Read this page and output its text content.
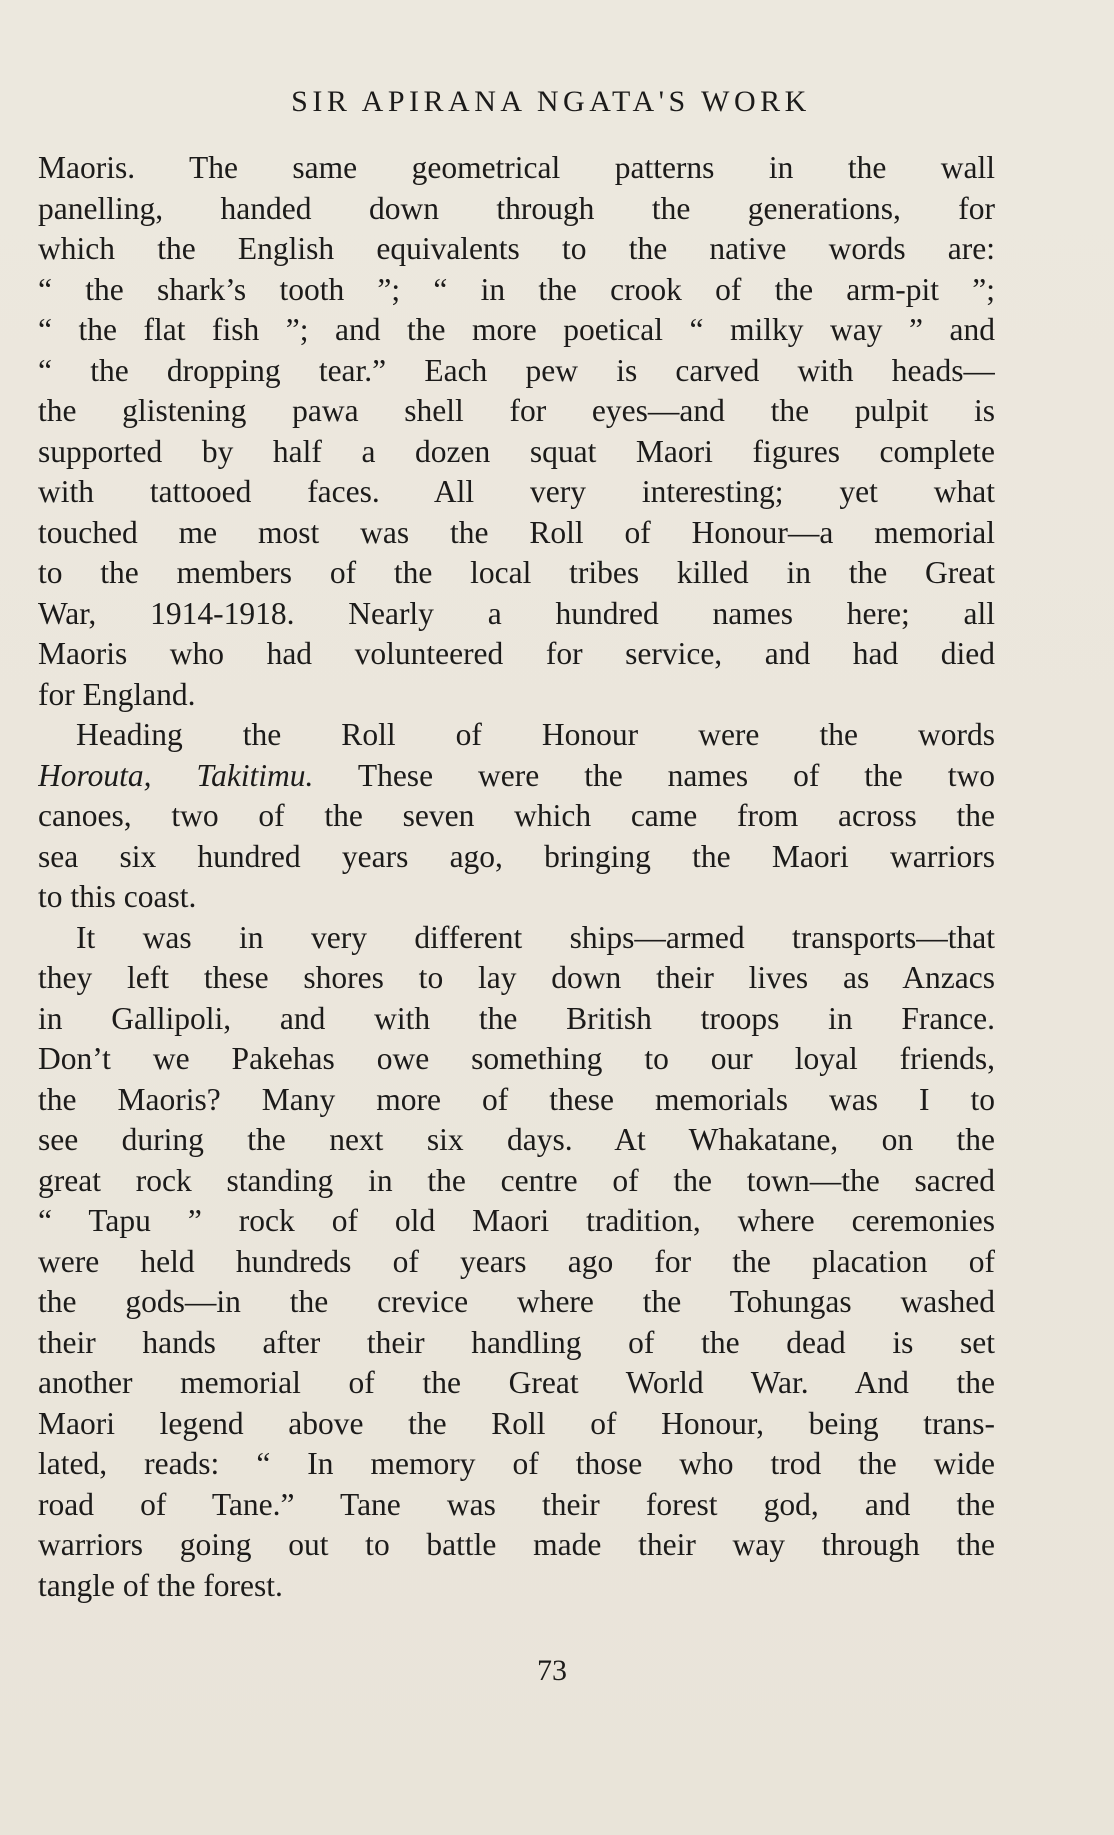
SIR APIRANA NGATA'S WORK
Maoris. The same geometrical patterns in the wall
panelling, handed down through the generations, for
which the English equivalents to the native words are:
“ the shark’s tooth ”; “ in the crook of the arm-pit ”;
“ the flat fish ”; and the more poetical “ milky way ” and
“ the dropping tear.” Each pew is carved with heads—
the glistening pawa shell for eyes—and the pulpit is
supported by half a dozen squat Maori figures complete
with tattooed faces. All very interesting; yet what
touched me most was the Roll of Honour—a memorial
to the members of the local tribes killed in the Great
War, 1914-1918. Nearly a hundred names here; all
Maoris who had volunteered for service, and had died
for England.
Heading the Roll of Honour were the words
Horouta, Takitimu. These were the names of the two
canoes, two of the seven which came from across the
sea six hundred years ago, bringing the Maori warriors
to this coast.
It was in very different ships—armed transports—that
they left these shores to lay down their lives as Anzacs
in Gallipoli, and with the British troops in France.
Don’t we Pakehas owe something to our loyal friends,
the Maoris? Many more of these memorials was I to
see during the next six days. At Whakatane, on the
great rock standing in the centre of the town—the sacred
“ Tapu ” rock of old Maori tradition, where ceremonies
were held hundreds of years ago for the placation of
the gods—in the crevice where the Tohungas washed
their hands after their handling of the dead is set
another memorial of the Great World War. And the
Maori legend above the Roll of Honour, being trans-
lated, reads: “ In memory of those who trod the wide
road of Tane.” Tane was their forest god, and the
warriors going out to battle made their way through the
tangle of the forest.
73
